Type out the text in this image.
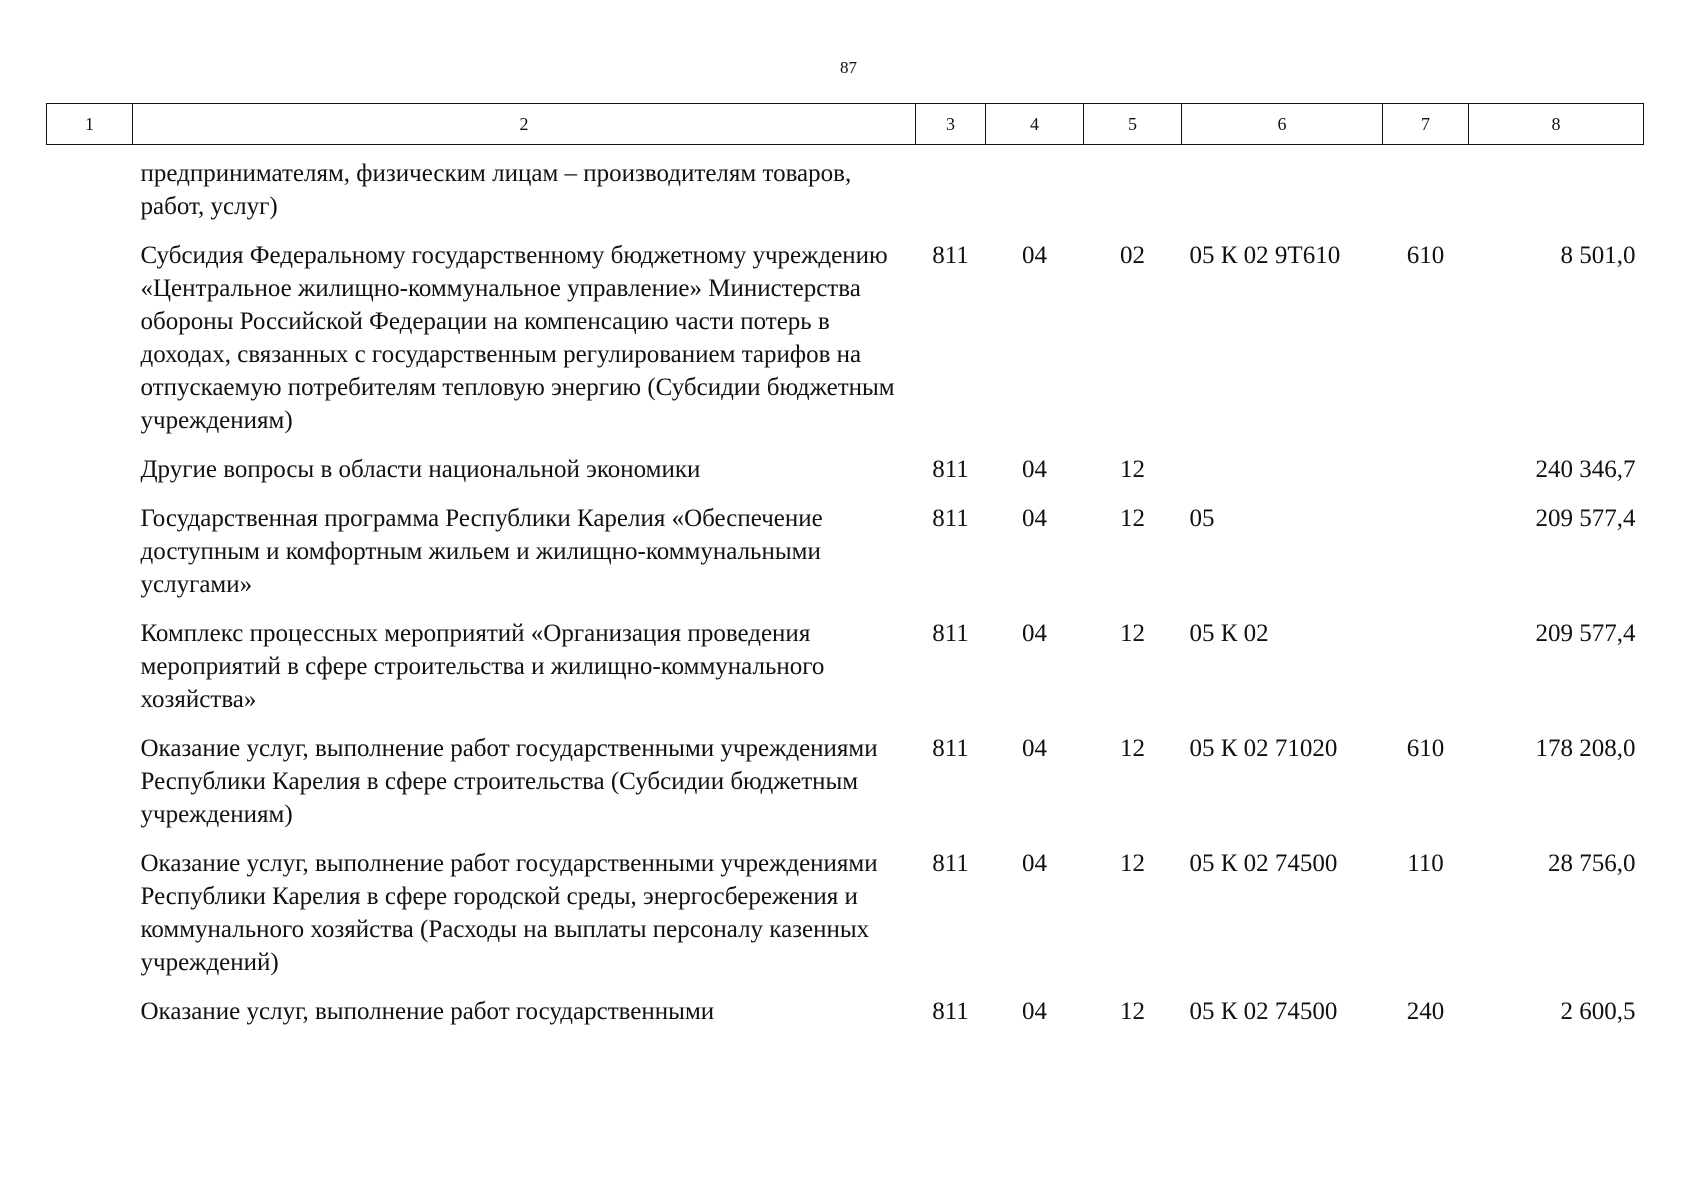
87
1	2	3	4	5	6	7	8
	предпринимателям, физическим лицам – производителям товаров, работ, услуг)						
	Субсидия Федеральному государственному бюджетному учреждению «Центральное жилищно-коммунальное управление» Министерства обороны Российской Федерации на компенсацию части потерь в доходах, связанных с государственным регулированием тарифов на отпускаемую потребителям тепловую энергию (Субсидии бюджетным учреждениям)	811	04	02	05 К 02 9Т610	610	8 501,0
	Другие вопросы в области национальной экономики	811	04	12			240 346,7
	Государственная программа Республики Карелия «Обеспечение доступным и комфортным жильем и жилищно-коммунальными услугами»	811	04	12	05		209 577,4
	Комплекс процессных мероприятий «Организация проведения мероприятий в сфере строительства и жилищно-коммунального хозяйства»	811	04	12	05 К 02		209 577,4
	Оказание услуг, выполнение работ государственными учреждениями Республики Карелия в сфере строительства (Субсидии бюджетным учреждениям)	811	04	12	05 К 02 71020	610	178 208,0
	Оказание услуг, выполнение работ государственными учреждениями Республики Карелия в сфере городской среды, энергосбережения и коммунального хозяйства (Расходы на выплаты персоналу казенных учреждений)	811	04	12	05 К 02 74500	110	28 756,0
	Оказание услуг, выполнение работ государственными	811	04	12	05 К 02 74500	240	2 600,5
